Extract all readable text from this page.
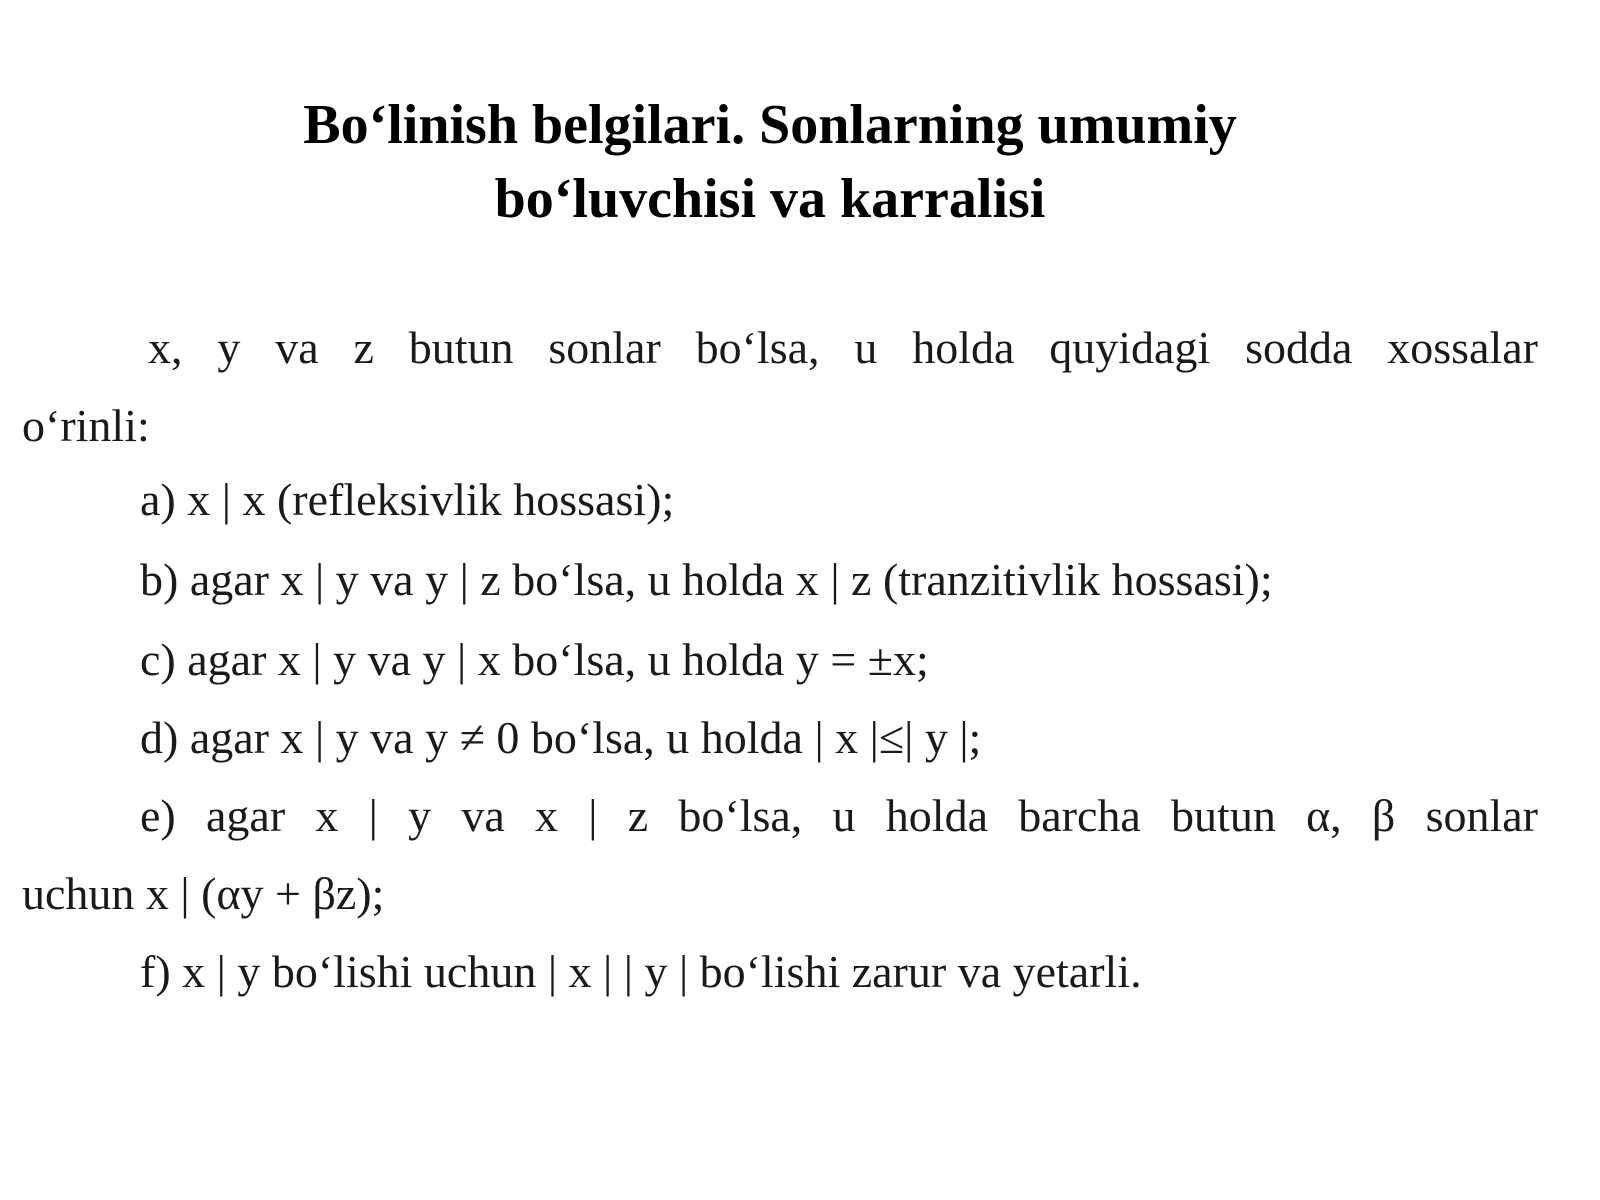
Bo‘linish belgilari. Sonlarning umumiy
bo‘luvchisi va karralisi
x, y va z butun sonlar bo‘lsa, u holda quyidagi sodda xossalar
o‘rinli:
a) x | x (refleksivlik hossasi);
b) agar x | y va y | z bo‘lsa, u holda x | z (tranzitivlik hossasi);
c) agar x | y va y | x bo‘lsa, u holda y = ±x;
d) agar x | y va y ≠ 0 bo‘lsa, u holda | x |≤| y |;
e) agar x | y va x | z bo‘lsa, u holda barcha butun α, β sonlar
uchun x | (αy + βz);
f) x | y bo‘lishi uchun | x | | y | bo‘lishi zarur va yetarli.
